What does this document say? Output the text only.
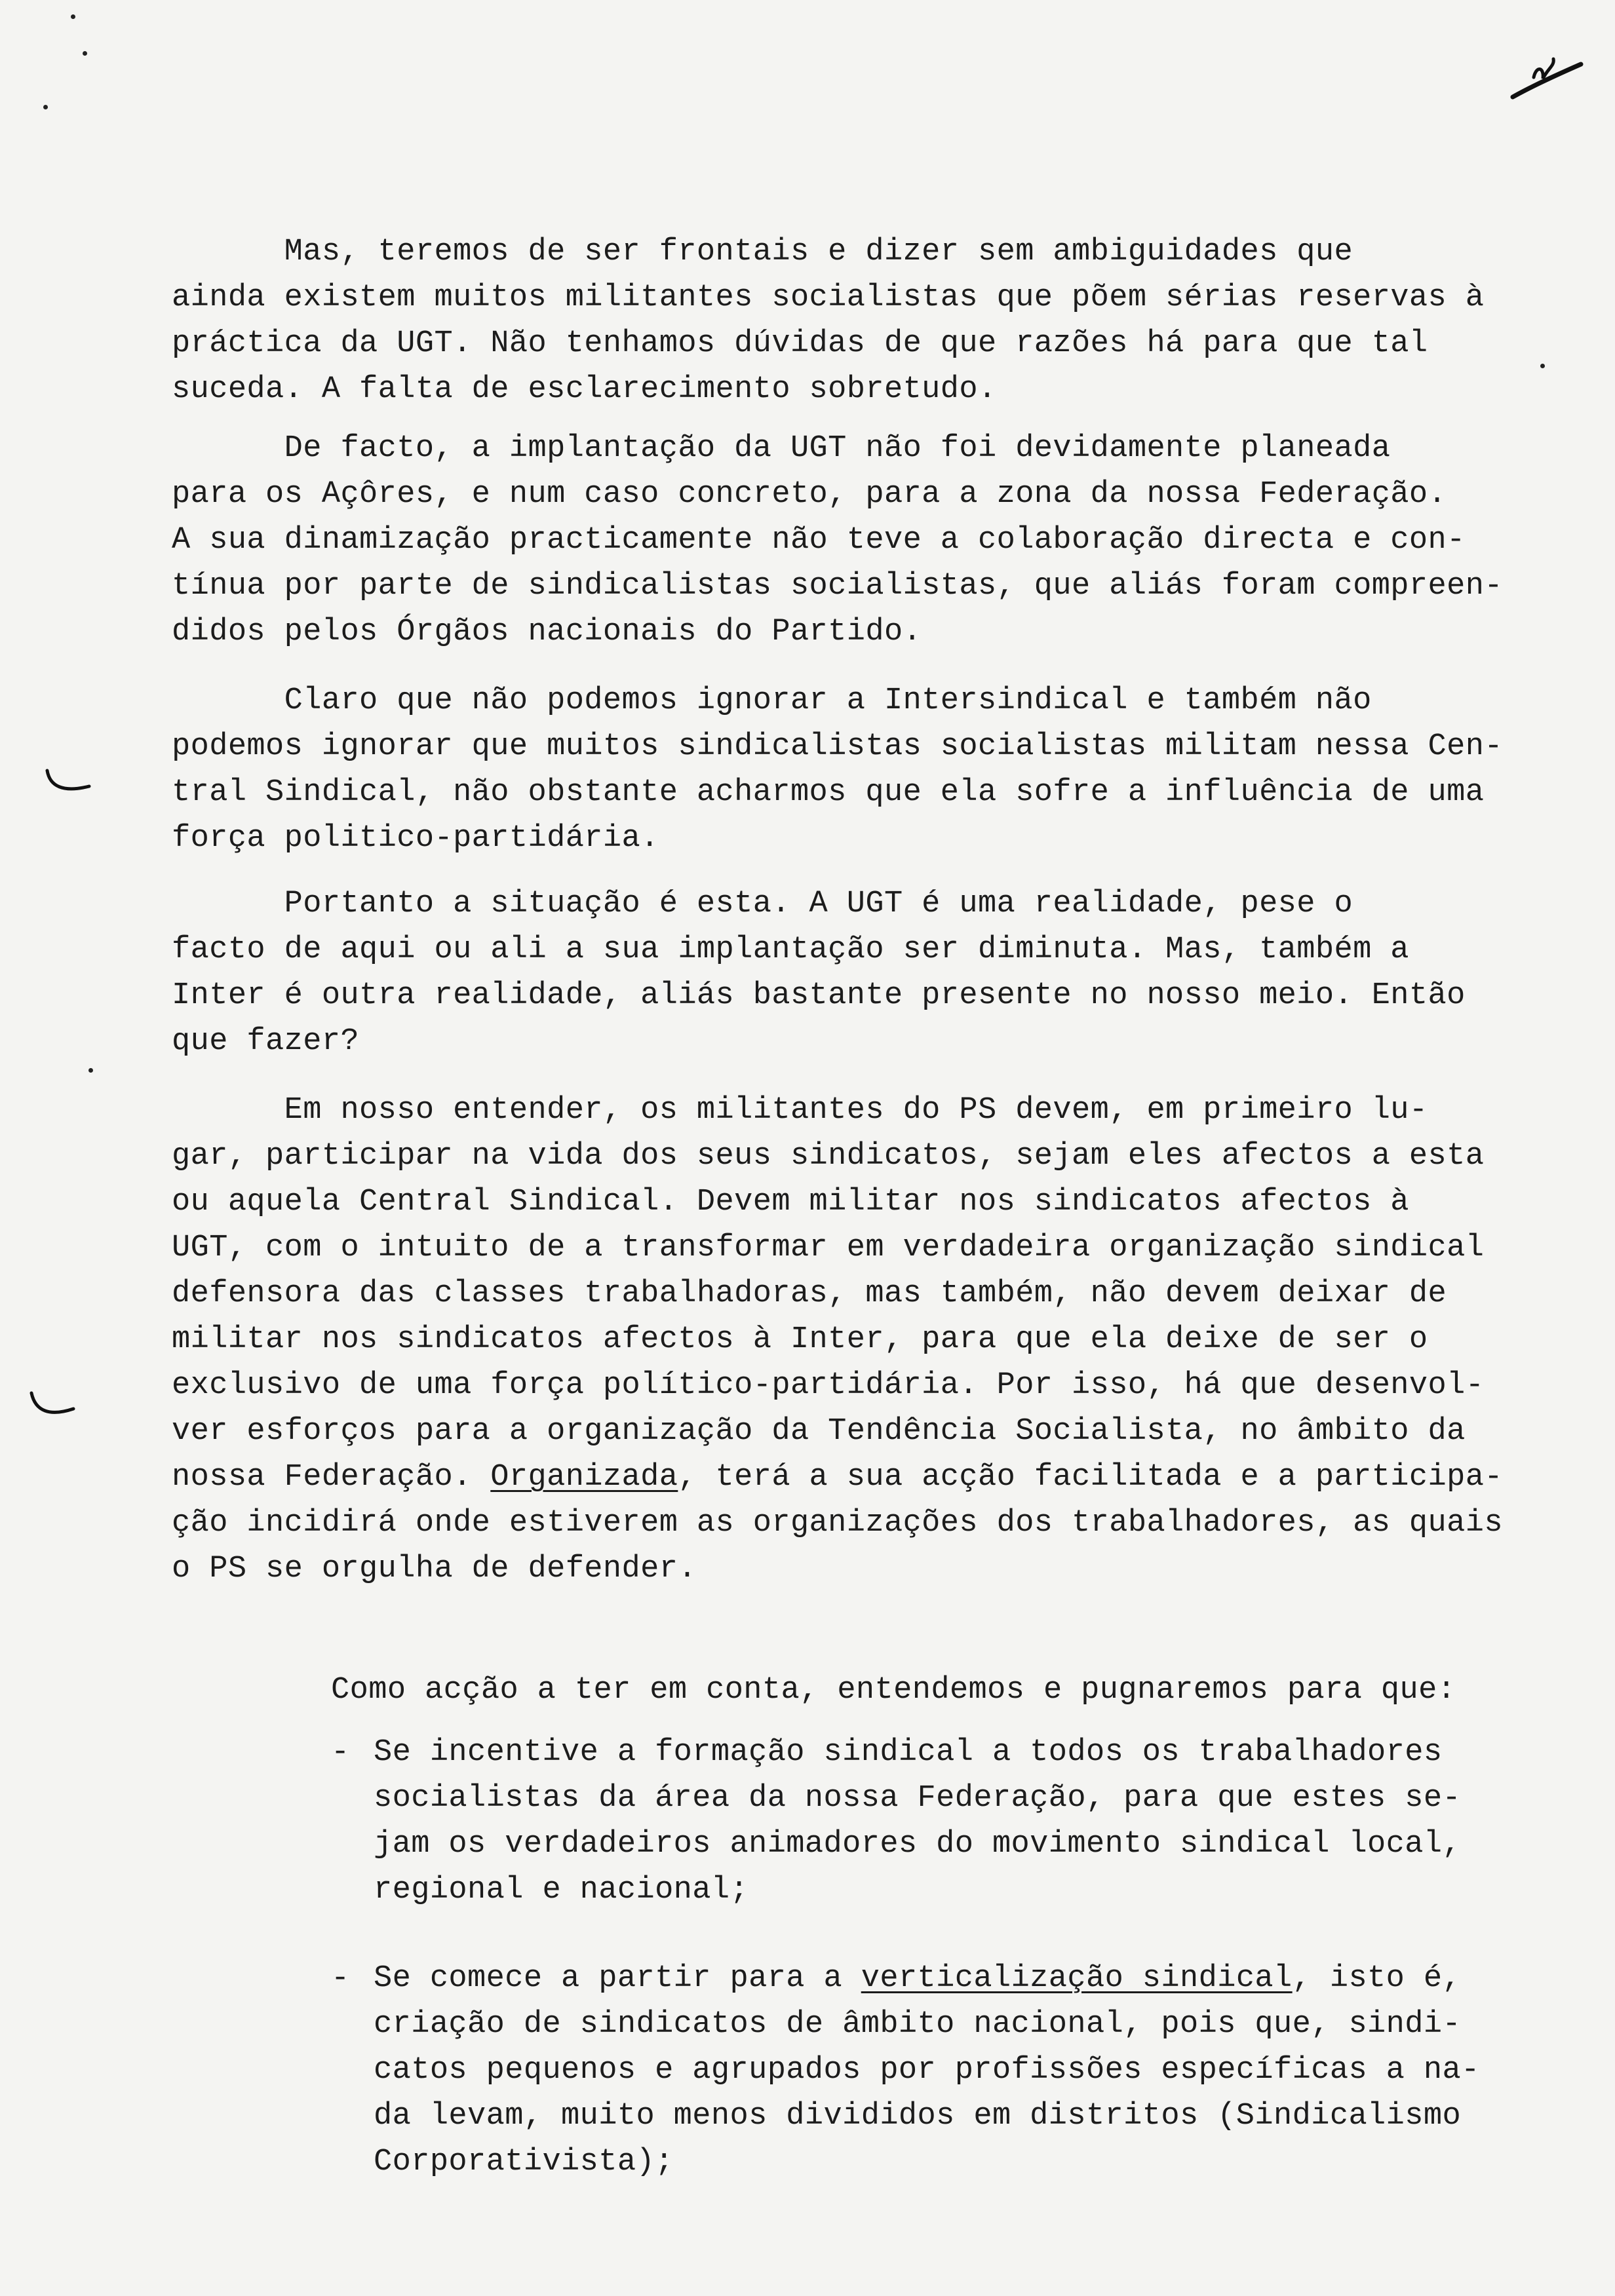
Mas, teremos de ser frontais e dizer sem ambiguidades que
ainda existem muitos militantes socialistas que põem sérias reservas à
práctica da UGT. Não tenhamos dúvidas de que razões há para que tal
suceda. A falta de esclarecimento sobretudo.
De facto, a implantação da UGT não foi devidamente planeada
para os Açôres, e num caso concreto, para a zona da nossa Federação.
A sua dinamização practicamente não teve a colaboração directa e con-
tínua por parte de sindicalistas socialistas, que aliás foram compreen-
didos pelos Órgãos nacionais do Partido.
Claro que não podemos ignorar a Intersindical e também não
podemos ignorar que muitos sindicalistas socialistas militam nessa Cen-
tral Sindical, não obstante acharmos que ela sofre a influência de uma
força politico-partidária.
Portanto a situação é esta. A UGT é uma realidade, pese o
facto de aqui ou ali a sua implantação ser diminuta. Mas, também a
Inter é outra realidade, aliás bastante presente no nosso meio. Então
que fazer?
Em nosso entender, os militantes do PS devem, em primeiro lu-
gar, participar na vida dos seus sindicatos, sejam eles afectos a esta
ou aquela Central Sindical. Devem militar nos sindicatos afectos à
UGT, com o intuito de a transformar em verdadeira organização sindical
defensora das classes trabalhadoras, mas também, não devem deixar de
militar nos sindicatos afectos à Inter, para que ela deixe de ser o
exclusivo de uma força político-partidária. Por isso, há que desenvol-
ver esforços para a organização da Tendência Socialista, no âmbito da
nossa Federação. Organizada, terá a sua acção facilitada e a participa-
ção incidirá onde estiverem as organizações dos trabalhadores, as quais
o PS se orgulha de defender.
Como acção a ter em conta, entendemos e pugnaremos para que:
- Se incentive a formação sindical a todos os trabalhadores
socialistas da área da nossa Federação, para que estes se-
jam os verdadeiros animadores do movimento sindical local,
regional e nacional;
- Se comece a partir para a verticalização sindical, isto é,
criação de sindicatos de âmbito nacional, pois que, sindi-
catos pequenos e agrupados por profissões específicas a na-
da levam, muito menos divididos em distritos (Sindicalismo
Corporativista);
